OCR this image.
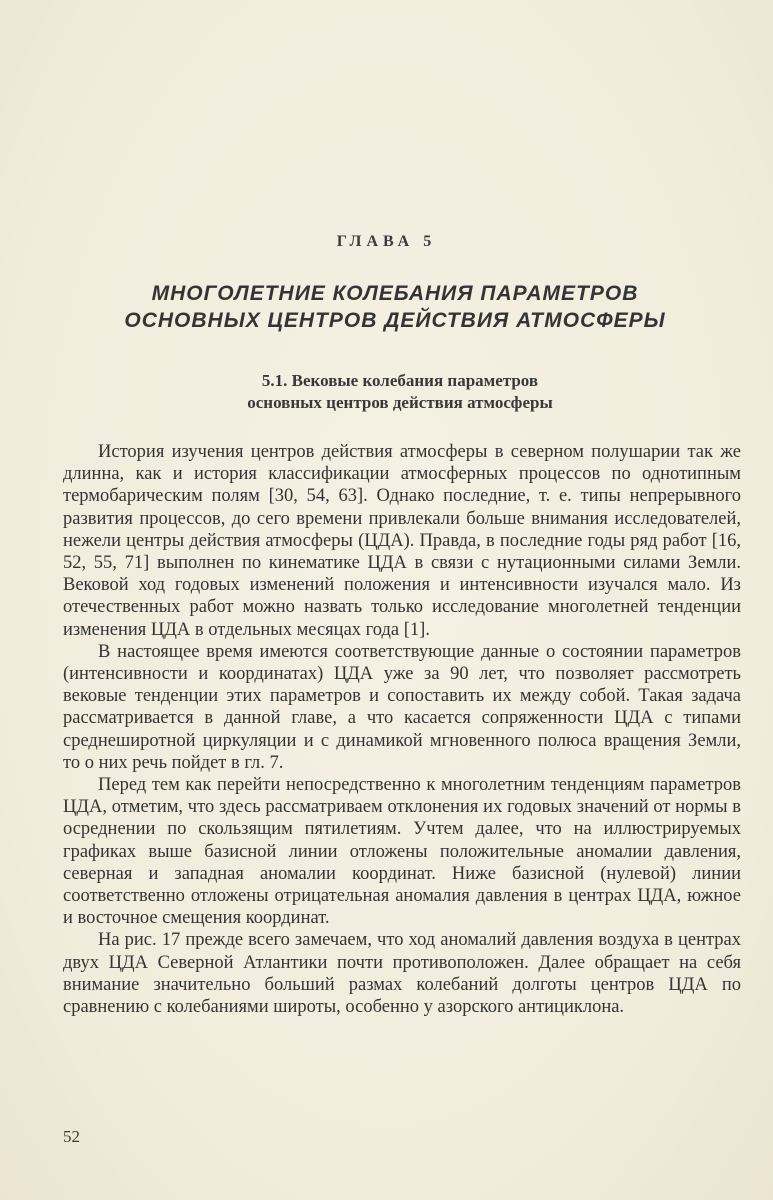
ГЛАВА 5
МНОГОЛЕТНИЕ КОЛЕБАНИЯ ПАРАМЕТРОВ
ОСНОВНЫХ ЦЕНТРОВ ДЕЙСТВИЯ АТМОСФЕРЫ
5.1. Вековые колебания параметров
основных центров действия атмосферы

История изучения центров действия атмосферы в северном полушарии так же длинна, как и история классификации атмосферных процессов по однотипным термобарическим полям [30, 54, 63]. Однако последние, т. е. типы непрерывного развития процессов, до сего времени привлекали больше внимания исследователей, нежели центры действия атмосферы (ЦДА). Правда, в последние годы ряд работ [16, 52, 55, 71] выполнен по кинематике ЦДА в связи с нутационными силами Земли. Вековой ход годовых изменений положения и интенсивности изучался мало. Из отечественных работ можно назвать только исследование многолетней тенденции изменения ЦДА в отдельных месяцах года [1].

В настоящее время имеются соответствующие данные о состоянии параметров (интенсивности и координатах) ЦДА уже за 90 лет, что позволяет рассмотреть вековые тенденции этих параметров и сопоставить их между собой. Такая задача рассматривается в данной главе, а что касается сопряженности ЦДА с типами среднеширотной циркуляции и с динамикой мгновенного полюса вращения Земли, то о них речь пойдет в гл. 7.

Перед тем как перейти непосредственно к многолетним тенденциям параметров ЦДА, отметим, что здесь рассматриваем отклонения их годовых значений от нормы в осреднении по скользящим пятилетиям. Учтем далее, что на иллюстрируемых графиках выше базисной линии отложены положительные аномалии давления, северная и западная аномалии координат. Ниже базисной (нулевой) линии соответственно отложены отрицательная аномалия давления в центрах ЦДА, южное и восточное смещения координат.

На рис. 17 прежде всего замечаем, что ход аномалий давления воздуха в центрах двух ЦДА Северной Атлантики почти противоположен. Далее обращает на себя внимание значительно больший размах колебаний долготы центров ЦДА по сравнению с колебаниями широты, особенно у азорского антициклона.

52
